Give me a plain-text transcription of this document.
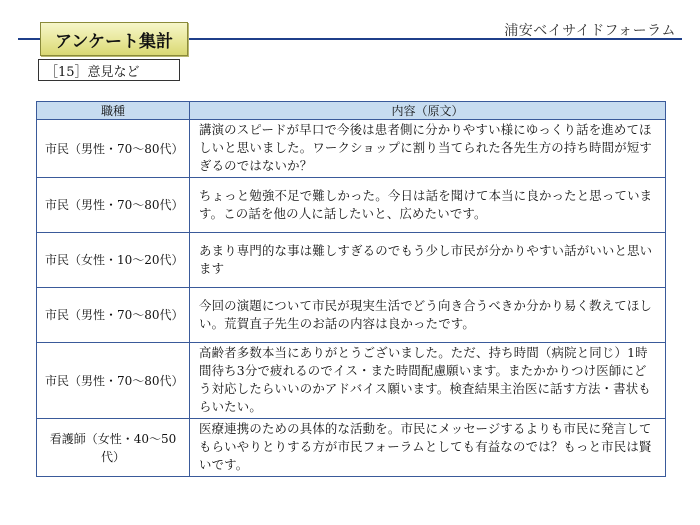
アンケート集計
浦安ベイサイドフォーラム
［15］意見など
職種	内容（原文）
市民（男性・70～80代）	講演のスピードが早口で今後は患者側に分かりやすい様にゆっくり話を進めてほしいと思いました。ワークショップに割り当てられた各先生方の持ち時間が短すぎるのではないか？
市民（男性・70～80代）	ちょっと勉強不足で難しかった。今日は話を聞けて本当に良かったと思っています。この話を他の人に話したいと、広めたいです。
市民（女性・10～20代）	あまり専門的な事は難しすぎるのでもう少し市民が分かりやすい話がいいと思います
市民（男性・70～80代）	今回の演題について市民が現実生活でどう向き合うべきか分かり易く教えてほしい。荒賀直子先生のお話の内容は良かったです。
市民（男性・70～80代）	高齢者多数本当にありがとうございました。ただ、持ち時間（病院と同じ）1時間待ち3分で疲れるのでイス・また時間配慮願います。またかかりつけ医師にどう対応したらいいのかアドバイス願います。検査結果主治医に話す方法・書状もらいたい。
看護師（女性・40～50代）	医療連携のための具体的な活動を。市民にメッセージするよりも市民に発言してもらいやりとりする方が市民フォーラムとしても有益なのでは？もっと市民は賢いです。
